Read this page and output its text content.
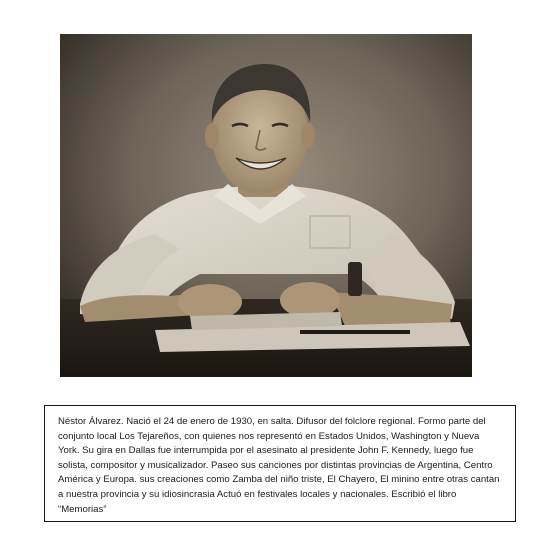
Néstor Álvarez. Nació el 24 de enero de 1930, en salta. Difusor del folclore regional. Formo parte del conjunto local Los Tejareños, con quienes nos representó en Estados Unidos, Washington y Nueva York. Su gira en Dallas fue interrumpida por el asesinato al presidente John F. Kennedy, luego fue solista, compositor y musicalizador. Paseo sus canciones por distintas provincias de Argentina, Centro América y Europa. sus creaciones como Zamba del niño triste, El Chayero, El minino entre otras cantan a nuestra provincia y su idiosincrasia Actuó en festivales locales y nacionales. Escribió el libro “Memorias”
